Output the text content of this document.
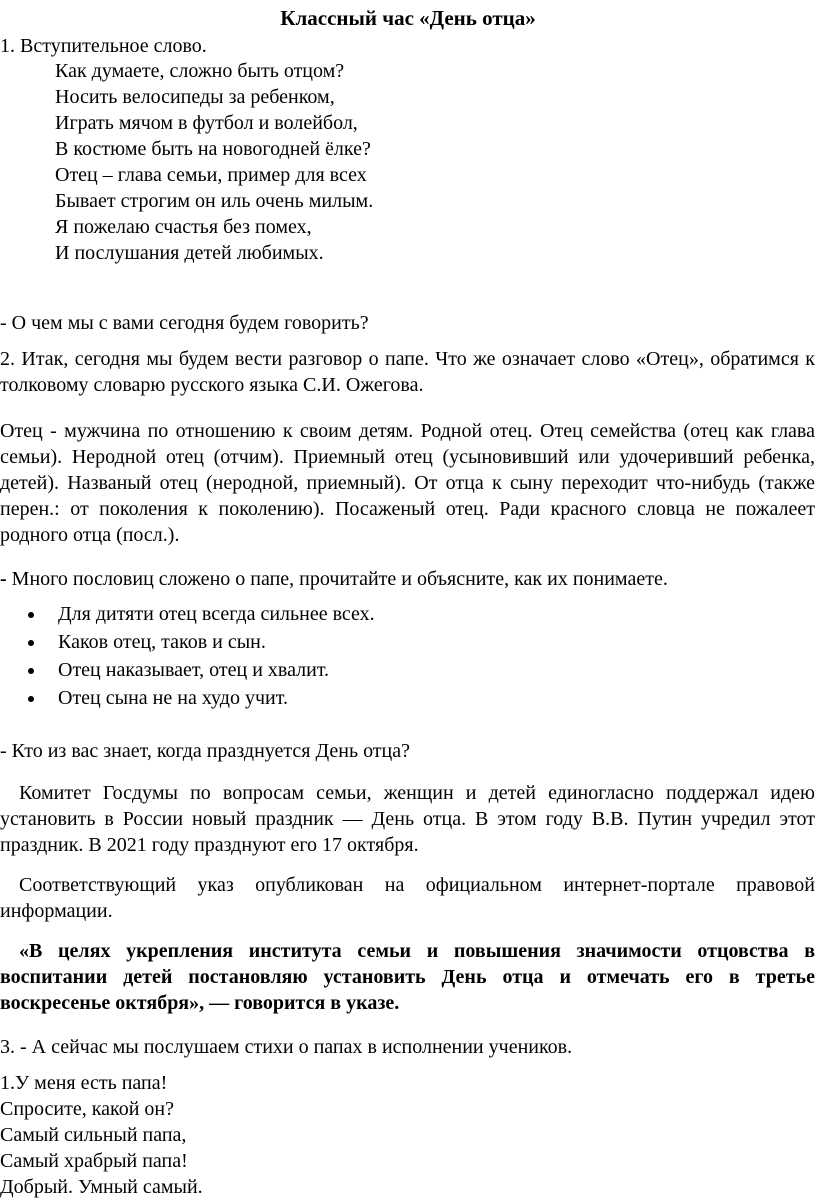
Классный час «День отца»
1. Вступительное слово.
Как думаете, сложно быть отцом?
Носить велосипеды за ребенком,
Играть мячом в футбол и волейбол,
В костюме быть на новогодней ёлке?
Отец – глава семьи, пример для всех
Бывает строгим он иль очень милым.
Я пожелаю счастья без помех,
И послушания детей любимых.
- О чем мы с вами сегодня будем говорить?
2. Итак, сегодня мы будем вести разговор о папе. Что же означает слово «Отец», обратимся к толковому словарю русского языка С.И. Ожегова.
Отец - мужчина по отношению к своим детям. Родной отец. Отец семейства (отец как глава семьи). Неродной отец (отчим). Приемный отец (усыновивший или удочеривший ребенка, детей). Названый отец (неродной, приемный). От отца к сыну переходит что-нибудь (также перен.: от поколения к поколению). Посаженый отец. Ради красного словца не пожалеет родного отца (посл.).
- Много пословиц сложено о папе, прочитайте и объясните, как их понимаете.
Для дитяти отец всегда сильнее всех.
Каков отец, таков и сын.
Отец наказывает, отец и хвалит.
Отец сына не на худо учит.
- Кто из вас знает, когда празднуется День отца?
Комитет Госдумы по вопросам семьи, женщин и детей единогласно поддержал идею установить в России новый праздник — День отца. В этом году В.В. Путин учредил этот праздник. В 2021 году празднуют его 17 октября.
Соответствующий указ опубликован на официальном интернет-портале правовой информации.
«В целях укрепления института семьи и повышения значимости отцовства в воспитании детей постановляю установить День отца и отмечать его в третье воскресенье октября», — говорится в указе.
3. - А сейчас мы послушаем стихи о папах в исполнении учеников.
1.У меня есть папа!
Спросите, какой он?
Самый сильный папа,
Самый храбрый папа!
Добрый. Умный самый.
